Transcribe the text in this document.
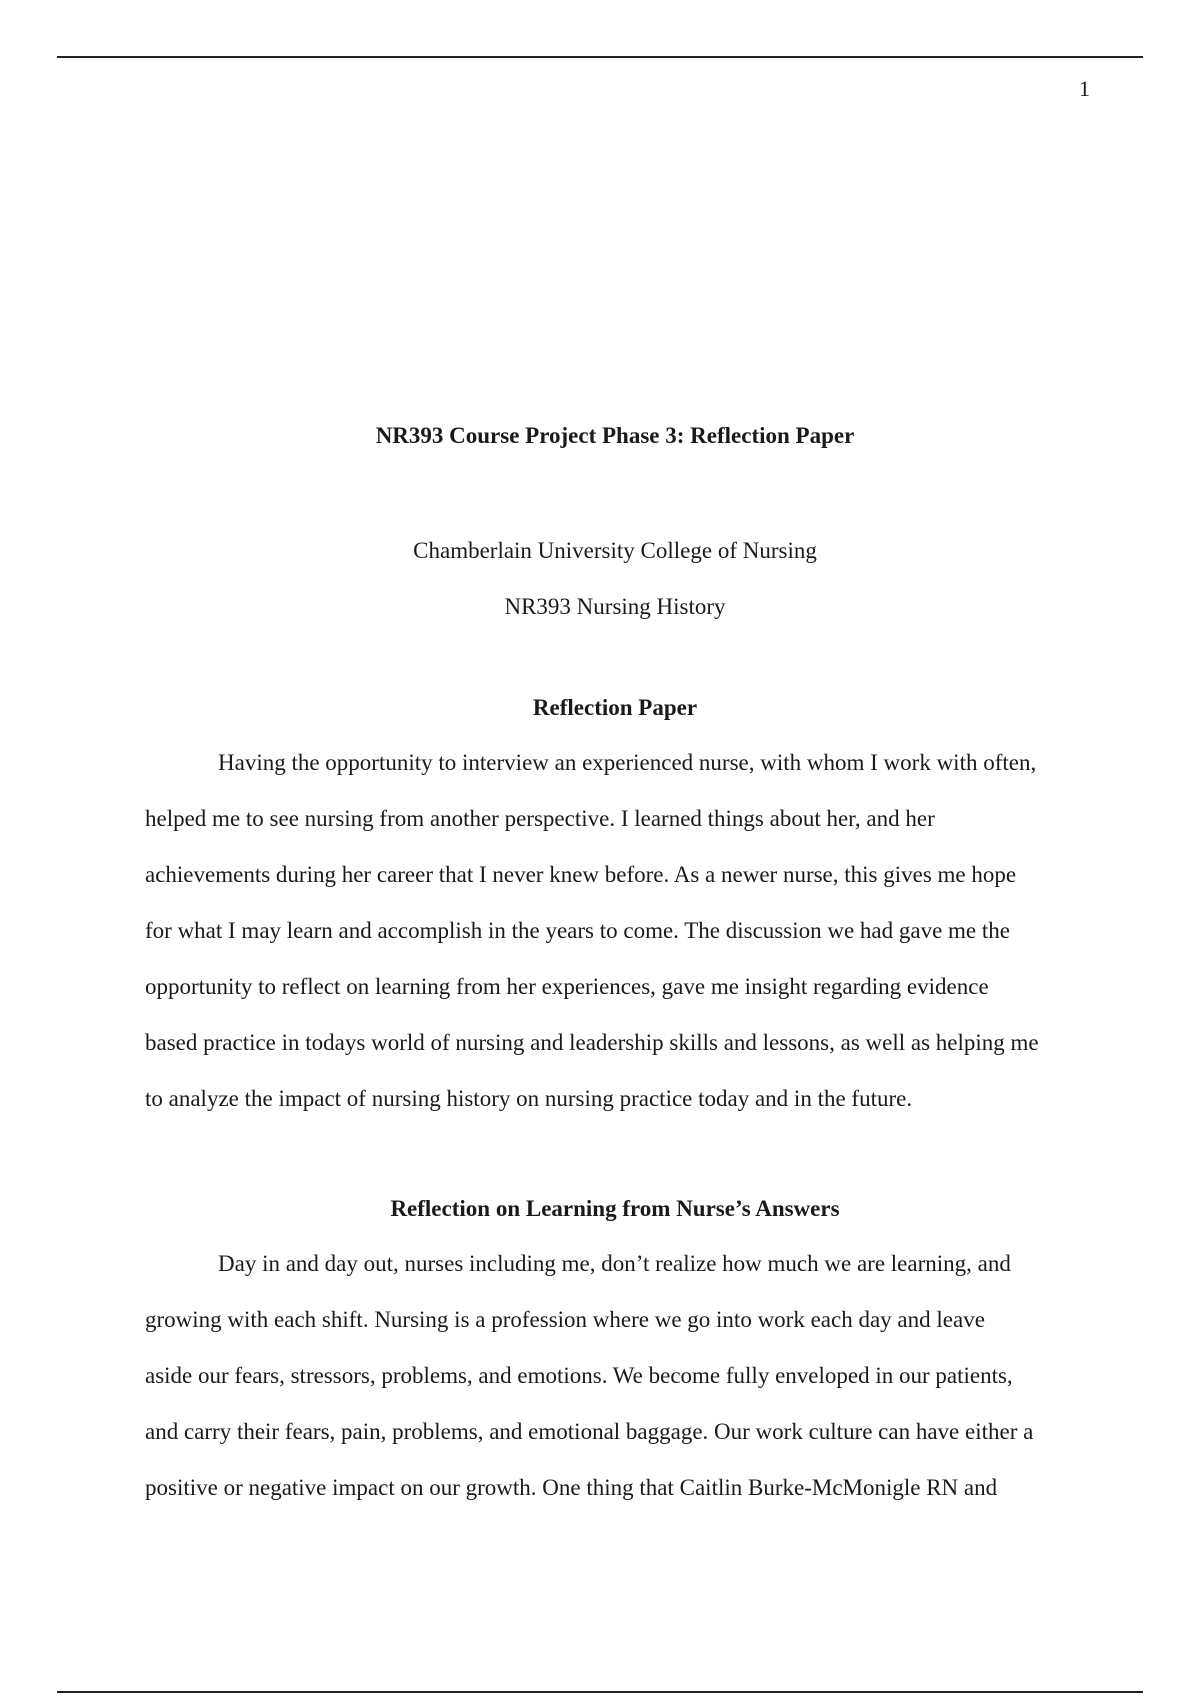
1
NR393 Course Project Phase 3: Reflection Paper
Chamberlain University College of Nursing
NR393 Nursing History
Reflection Paper
Having the opportunity to interview an experienced nurse, with whom I work with often,
helped me to see nursing from another perspective. I learned things about her, and her
achievements during her career that I never knew before. As a newer nurse, this gives me hope
for what I may learn and accomplish in the years to come. The discussion we had gave me the
opportunity to reflect on learning from her experiences, gave me insight regarding evidence
based practice in todays world of nursing and leadership skills and lessons, as well as helping me
to analyze the impact of nursing history on nursing practice today and in the future.
Reflection on Learning from Nurse’s Answers
Day in and day out, nurses including me, don’t realize how much we are learning, and
growing with each shift. Nursing is a profession where we go into work each day and leave
aside our fears, stressors, problems, and emotions. We become fully enveloped in our patients,
and carry their fears, pain, problems, and emotional baggage. Our work culture can have either a
positive or negative impact on our growth. One thing that Caitlin Burke-McMonigle RN and
